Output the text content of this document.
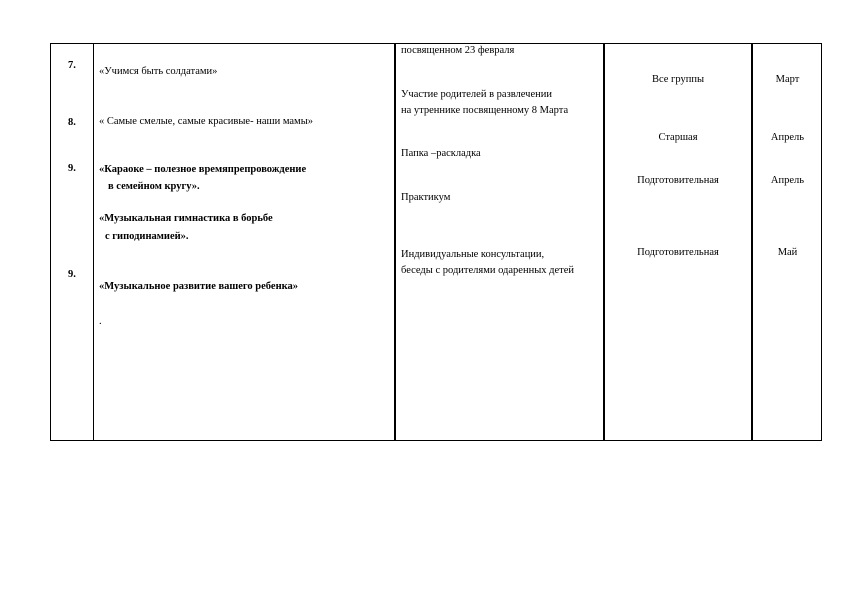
7.
8.
9.
9.
«Учимся быть солдатами»
« Самые смелые, самые красивые- наши мамы»
«Караоке – полезное времяпрепровождение
в семейном кругу».
«Музыкальная гимнастика в борьбе
с гиподинамией».
«Музыкальное развитие вашего ребенка»
.
посвященном 23 февраля
Участие родителей в развлечении
на утреннике посвященному 8 Марта
Папка –раскладка
Практикум
Индивидуальные консультации,
беседы с родителями одаренных детей
Все группы
Старшая
Подготовительная
Подготовительная
Март
Апрель
Апрель
Май
